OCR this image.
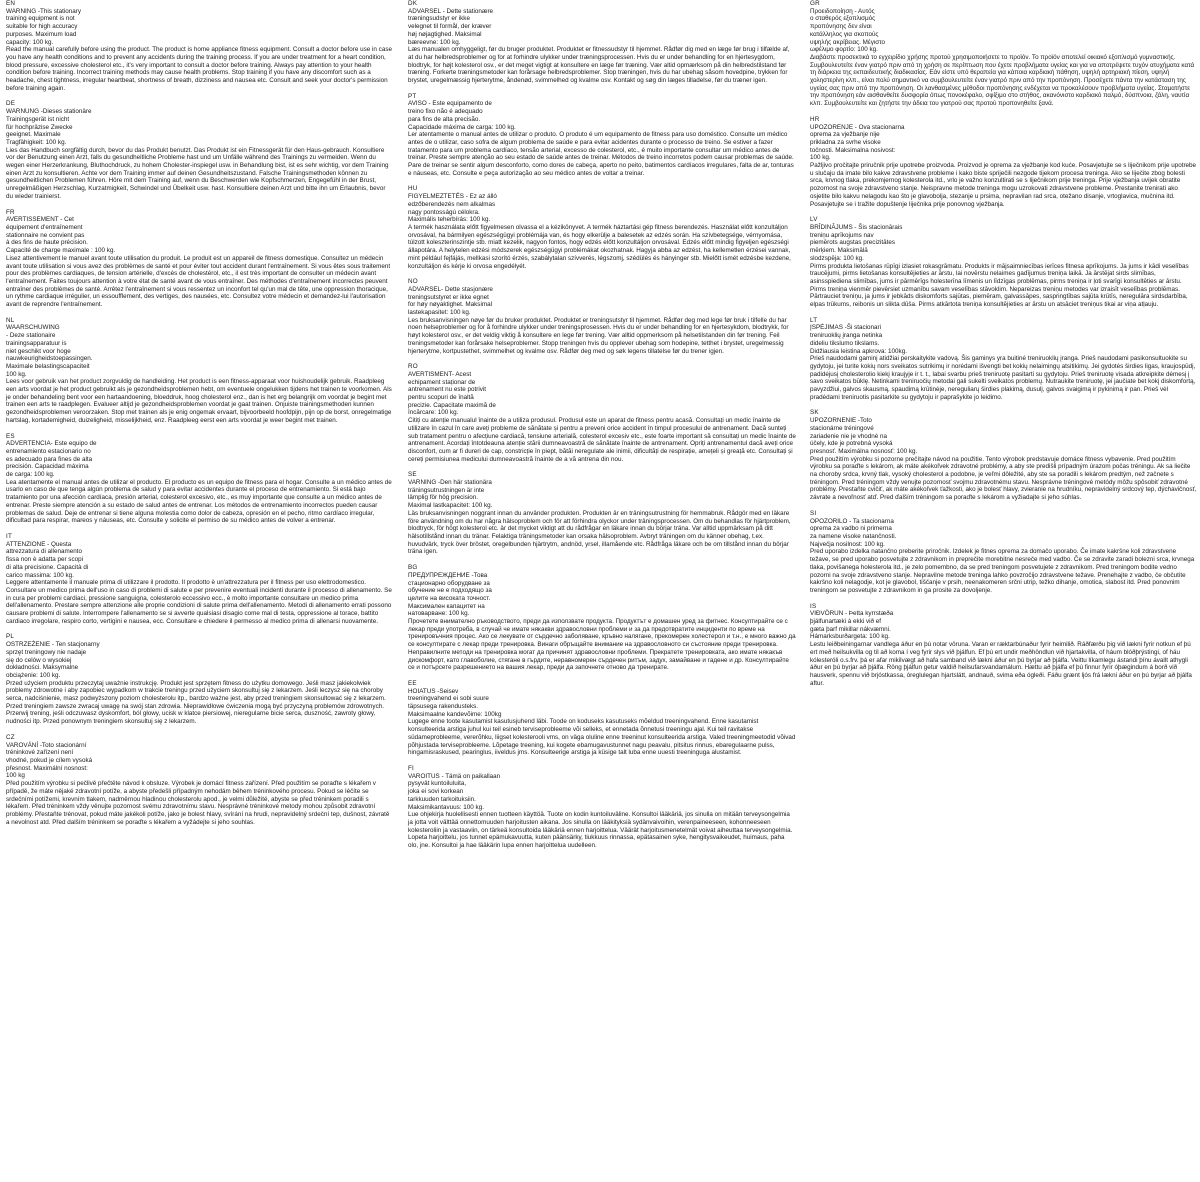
EN
WARNING -This stationary
training equipment is not
suitable for high accuracy
purposes. Maximum load
capacity: 100 kg.
Read the manual carefully before using the product. The product is home appliance fitness equipment. Consult a doctor before use in case you have any health conditions and to prevent any accidents during the training process. If you are under treatment for a heart condition, blood pressure, excessive cholesterol etc., it's very important to consult a doctor before training. Always pay attention to your health condition before training. Incorrect training methods may cause health problems. Stop training if you have any discomfort such as a headache, chest tightness, irregular heartbeat, shortness of breath, dizziness and nausea etc. Consult and seek your doctor's permission before training again.
DE
WARNUNG -Dieses stationäre
Trainingsgerät ist nicht
für hochpräzise Zwecke
geeignet. Maximale
Tragfähigkeit: 100 kg.
Lies das Handbuch sorgfältig durch, bevor du das Produkt benutzt. Das Produkt ist ein Fitnessgerät für den Haus-gebrauch. Konsultiere vor der Benutzung einen Arzt, falls du gesundheitliche Probleme hast und um Unfälle während des Trainings zu vermeiden. Wenn du wegen einer Herzerkrankung, Bluthochdruck, zu hohem Cholester-inspiegel usw. in Behandlung bist, ist es sehr wichtig, vor dem Training einen Arzt zu konsultieren. Achte vor dem Training immer auf deinen Gesundheitszustand. Falsche Trainingsmethoden können zu gesundheitlichen Problemen führen. Höre mit dem Training auf, wenn du Beschwerden wie Kopfschmerzen, Engegefühl in der Brust, unregelmäßigen Herzschlag, Kurzatmigkeit, Schwindel und Übelkeit usw. hast. Konsultiere deinen Arzt und bitte ihn um Erlaubnis, bevor du wieder trainierst.
FR
AVERTISSEMENT - Cet
équipement d'entraînement
stationnaire ne convient pas
à des fins de haute précision.
Capacité de charge maximale : 100 kg.
Lisez attentivement le manuel avant toute utilisation du produit. Le produit est un appareil de fitness domestique. Consultez un médecin avant toute utilisation si vous avez des problèmes de santé et pour éviter tout accident durant l'entraînement. Si vous êtes sous traitement pour des problèmes cardiaques, de tension artérielle, d'excès de cholestérol, etc., il est très important de consulter un médecin avant l'entraînement. Faites toujours attention à votre état de santé avant de vous entraîner. Des méthodes d'entraînement incorrectes peuvent entraîner des problèmes de santé. Arrêtez l'entraînement si vous ressentez un inconfort tel qu'un mal de tête, une oppression thoracique, un rythme cardiaque irrégulier, un essoufflement, des vertiges, des nausées, etc. Consultez votre médecin et demandez-lui l'autorisation avant de reprendre l'entraînement.
NL
WAARSCHUWING
- Deze stationaire
trainingsapparatuur is
niet geschikt voor hoge
nauwkeurigheidstoepassingen.
Maximale belastingscapaciteit
100 kg.
Lees voor gebruik van het product zorgvuldig de handleiding. Het product is een fitness-apparaat voor huishoudelijk gebruik. Raadpleeg een arts voordat je het product gebruikt als je gezondheidsproblemen hebt, om eventuele ongelukken tijdens het trainen te voorkomen. Als je onder behandeling bent voor een hartaandoening, bloeddruk, hoog cholesterol enz., dan is het erg belangrijk om voordat je begint met trainen een arts te raadplegen. Evalueer altijd je gezondheidsproblemen voordat je gaat trainen. Onjuiste trainingsmethoden kunnen gezondheidsproblemen veroorzaken. Stop met trainen als je enig ongemak ervaart, bijvoorbeeld hoofdpijn, pijn op de borst, onregelmatige hartslag, kortademigheid, duizeligheid, misselijkheid, enz. Raadpleeg eerst een arts voordat je weer begint met trainen.
ES
ADVERTENCIA- Este equipo de
entrenamiento estacionario no
es adecuado para fines de alta
precisión. Capacidad máxima
de carga: 100 kg.
Lea atentamente el manual antes de utilizar el producto. El producto es un equipo de fitness para el hogar. Consulte a un médico antes de usarlo en caso de que tenga algún problema de salud y para evitar accidentes durante el proceso de entrenamiento. Si está bajo tratamiento por una afección cardíaca, presión arterial, colesterol excesivo, etc., es muy importante que consulte a un médico antes de entrenar. Preste siempre atención a su estado de salud antes de entrenar. Los métodos de entrenamiento incorrectos pueden causar problemas de salud. Deje de entrenar si tiene alguna molestia como dolor de cabeza, opresión en el pecho, ritmo cardíaco irregular, dificultad para respirar, mareos y náuseas, etc. Consulte y solicite el permiso de su médico antes de volver a entrenar.
IT
ATTENZIONE - Questa
attrezzatura di allenamento
fissa non è adatta per scopi
di alta precisione. Capacità di
carico massima: 100 kg.
Leggere attentamente il manuale prima di utilizzare il prodotto. Il prodotto è un'attrezzatura per il fitness per uso elettrodomestico. Consultare un medico prima dell'uso in caso di problemi di salute e per prevenire eventuali incidenti durante il processo di allenamento. Se in cura per problemi cardiaci, pressione sanguigna, colesterolo eccessivo ecc., è molto importante consultare un medico prima dell'allenamento. Prestare sempre attenzione alle proprie condizioni di salute prima dell'allenamento. Metodi di allenamento errati possono causare problemi di salute. Interrompere l'allenamento se si avverte qualsiasi disagio come mal di testa, oppressione al torace, battito cardiaco irregolare, respiro corto, vertigini e nausea, ecc. Consultare e chiedere il permesso al medico prima di allenarsi nuovamente.
PL
OSTRZEŻENIE - Ten stacjonarny
sprzęt treningowy nie nadaje
się do celów o wysokiej
dokładności. Maksymalne
obciążenie: 100 kg.
Przed użyciem produktu przeczytaj uważnie instrukcję. Produkt jest sprzętem fitness do użytku domowego. Jeśli masz jakiekolwiek problemy zdrowotne i aby zapobiec wypadkom w trakcie treningu przed użyciem skonsultuj się z lekarzem. Jeśli leczysz się na choroby serca, nadciśnienie, masz podwyższony poziom cholesterolu itp., bardzo ważne jest, aby przed treningiem skonsultować się z lekarzem. Przed treningiem zawsze zwracaj uwagę na swój stan zdrowia. Nieprawidłowe ćwiczenia mogą być przyczyną problemów zdrowotnych. Przerwij trening, jeśli odczuwasz dyskomfort, ból głowy, ucisk w klatce piersiowej, nieregularne bicie serca, duszność, zawroty głowy, nudności itp. Przed ponownym treningiem skonsultuj się z lekarzem.
CZ
VAROVÁNÍ -Toto stacionární
tréninkové zařízení není
vhodné, pokud je cílem vysoká
přesnost. Maximální nosnost:
100 kg
Před použitím výrobku si pečlivě přečtěte návod k obsluze. Výrobek je domácí fitness zařízení. Před použitím se poraďte s lékařem v případě, že máte nějaké zdravotní potíže, a abyste předešli případným nehodám během tréninkového procesu. Pokud se léčíte se srdečními potížemi, krevním tlakem, nadměrnou hladinou cholesterolu apod., je velmi důležité, abyste se před tréninkem poradili s lékařem. Před tréninkem vždy věnujte pozornost svému zdravotnímu stavu. Nesprávné tréninkové metody mohou způsobit zdravotní problémy. Přestaňte trénovat, pokud máte jakékoli potíže, jako je bolest hlavy, svírání na hrudi, nepravidelný srdeční tep, dušnost, závratě a nevolnost atd. Před dalším tréninkem se poraďte s lékařem a vyžádejte si jeho souhlas.
DK
ADVARSEL - Dette stationære
træningsudstyr er ikke
velegnet til formål, der kræver
høj nøjagtighed. Maksimal
bæreevne: 100 kg.
Læs manualen omhyggeligt, før du bruger produktet. Produktet er fitnessudstyr til hjemmet. Rådfør dig med en læge før brug i tilfælde af, at du har helbredsproblemer og for at forhindre ulykker under træningsprocessen. Hvis du er under behandling for en hjertesygdom, blodtryk, for højt kolesterol osv., er det meget vigtigt at konsultere en læge før træning. Vær altid opmærksom på din helbredstilstand før træning. Forkerte træningsmetoder kan forårsage helbredsproblemer. Stop træningen, hvis du har ubehag såsom hovedpine, trykken for brystet, uregelmæssig hjerterytme, åndenød, svimmelhed og kvalme osv. Kontakt og søg din læges tilladelse, før du træner igen.
PT
AVISO - Este equipamento de
treino fixo não é adequado
para fins de alta precisão.
Capacidade máxima de carga: 100 kg.
Ler atentamente o manual antes de utilizar o produto. O produto é um equipamento de fitness para uso doméstico. Consulte um médico antes de o utilizar, caso sofra de algum problema de saúde e para evitar acidentes durante o processo de treino. Se estiver a fazer tratamento para um problema cardíaco, tensão arterial, excesso de colesterol, etc., é muito importante consultar um médico antes de treinar. Preste sempre atenção ao seu estado de saúde antes de treinar. Métodos de treino incorretos podem causar problemas de saúde. Pare de treinar se sentir algum desconforto, como dores de cabeça, aperto no peito, batimentos cardíacos irregulares, falta de ar, tonturas e náuseas, etc. Consulte e peça autorização ao seu médico antes de voltar a treinar.
HU
FIGYELMEZTETÉS - Ez az álló
edzőberendezés nem alkalmas
nagy pontosságú célokra.
Maximális teherbírás: 100 kg.
A termék használata előtt figyelmesen olvassa el a kézikönyvet. A termék háztartási gép fitness berendezés. Használat előtt konzultáljon orvosával, ha bármilyen egészségügyi problémája van, és hogy elkerülje a balesetek az edzés során. Ha szívbetegsége, vérnyomása, túlzott koleszterinszintje stb. miatt kezelik, nagyon fontos, hogy edzés előtt konzultáljon orvosával. Edzés előtt mindig figyeljen egészségi állapotára. A helytelen edzési módszerek egészségügyi problémákat okozhatnak. Hagyja abba az edzést, ha kellemetlen érzései vannak, mint például fejfájás, mellkasi szorító érzés, szabálytalan szívverés, légszomj, szédülés és hányinger stb. Mielőtt ismét edzésbe kezdene, konzultáljon és kérje ki orvosa engedélyét.
NO
ADVARSEL- Dette stasjonære
treningsutstyret er ikke egnet
for høy nøyaktighet. Maksimal
lastekapasitet: 100 kg.
Les bruksanvisningen nøye før du bruker produktet. Produktet er treningsutstyr til hjemmet. Rådfør deg med lege før bruk i tilfelle du har noen helseproblemer og for å forhindre ulykker under treningsprosessen. Hvis du er under behandling for en hjertesykdom, blodtrykk, for høyt kolesterol osv., er det veldig viktig å konsultere en lege før trening. Vær alltid oppmerksom på helsetilstanden din før trening. Feil treningsmetoder kan forårsake helseproblemer. Stopp treningen hvis du opplever ubehag som hodepine, tetthet i brystet, uregelmessig hjerterytme, kortpustethet, svimmelhet og kvalme osv. Rådfør deg med og søk legens tillatelse før du trener igjen.
RO
AVERTISMENT- Acest
echipament staționar de
antrenament nu este potrivit
pentru scopuri de înaltă
precizie. Capacitate maximă de
încărcare: 100 kg.
Citiți cu atenție manualul înainte de a utiliza produsul. Produsul este un aparat de fitness pentru acasă. Consultați un medic înainte de utilizare în cazul în care aveți probleme de sănătate și pentru a preveni orice accident în timpul procesului de antrenament. Dacă sunteți sub tratament pentru o afecțiune cardiacă, tensiune arterială, colesterol excesiv etc., este foarte important să consultați un medic înainte de antrenament. Acordați întotdeauna atenție stării dumneavoastră de sănătate înainte de antrenament. Opriți antrenamentul dacă aveți orice disconfort, cum ar fi dureri de cap, constricție în piept, bătăi neregulate ale inimii, dificultăți de respirație, amețeli și greață etc. Consultați și cereți permisiunea medicului dumneavoastră înainte de a vă antrena din nou.
SE
VARNING -Den här stationära
träningsutrustningen är inte
lämplig för hög precision.
Maximal lastkapacitet: 100 kg.
Läs bruksanvisningen noggrant innan du använder produkten. Produkten är en träningsutrustning för hemmabruk. Rådgör med en läkare före användning om du har några hälsoproblem och för att förhindra olyckor under träningsprocessen. Om du behandlas för hjärtproblem, blodtryck, för högt kolesterol etc. är det mycket viktigt att du rådfrågar en läkare innan du börjar träna. Var alltid uppmärksam på ditt hälsotillstånd innan du tränar. Felaktiga träningsmetoder kan orsaka hälsoproblem. Avbryt träningen om du känner obehag, t.ex. huvudvärk, tryck över bröstet, oregelbunden hjärtrytm, andnöd, yrsel, illamående etc. Rådfråga läkare och be om tillstånd innan du börjar träna igen.
BG
ПРЕДУПРЕЖДЕНИЕ -Това
стационарно оборудване за
обучение не е подходящо за
целите на високата точност.
Максимален капацитет на
натоварване: 100 kg.
Прочетете внимателно ръководството, преди да използвате продукта. Продуктът е домашен уред за фитнес. Консултирайте се с лекар преди употреба, в случай че имате някакви здравословни проблеми и за да предотвратите инциденти по време на тренировъчния процес. Ако се лекувате от сърдечно заболяване, кръвно налягане, прекомерен холестерол и т.н., е много важно да се консултирате с лекар преди тренировка. Винаги обръщайте внимание на здравословното си състояние преди тренировка. Неправилните методи на тренировка могат да причинят здравословни проблеми. Прекратете тренировката, ако имате някакъв дискомфорт, като главоболие, стягане в гърдите, неравномерен сърдечен ритъм, задух, замайване и гадене и др. Консултирайте се и потърсете разрешението на вашия лекар, преди да започнете отново да тренирате.
EE
HOIATUS -Seisev
treeningvahend ei sobi suure
täpsusega rakendusteks.
Maksimaalne kandevõime: 100kg
Lugege enne toote kasutamist kasutusjuhend läbi. Toode on koduseks kasutuseks mõeldud treeningvahend. Enne kasutamist konsulteerida arstiga juhul kui teil esineb terviseprobleeme või selleks, et ennetada õnnetusi treeningu ajal. Kui teil ravitakse südameprobleeme, vererõhku, liigset kolesterooli vms, on väga oluline enne treeninut konsulteerida arstiga. Valed treeningmeetodid võivad põhjustada terviseprobleeme. Lõpetage treening, kui kogete ebamugavustunnet nagu peavalu, pitsitus rinnus, ebaregulaarne pulss, hingamisraskused, pearinglus, iiveldus jms. Konsulteerige arstiga ja küsige talt luba enne uuesti treeninguga alustamist.
FI
VAROITUS - Tämä on paikallaan
pysyvät kuntoiluluita,
joka ei sovi korkean
tarkkuuden tarkoituksiin.
Maksimikantavuus: 100 kg.
Lue ohjekirja huolellisesti ennen tuotteen käyttöä. Tuote on kodin kuntoiluväline. Konsultoi lääkäriä, jos sinulla on mitään terveysongelmia ja jotta voit välttää onnettomuuden harjoitusten aikana. Jos sinulla on lääkityksiä sydänvaivoihin, verenpaineeseen, kohonneeseen kolesteroliin ja vastaaviin, on tärkeä konsultoida lääkäriä ennen harjoittelua. Väärät harjoitusmenetelmät voivat aiheuttaa terveysongelmia. Lopeta harjoittelu, jos tunnet epämukavuutta, kuten päänsärky, tiukkuus rinnassa, epätasainen syke, hengitysvaikeudet, huimaus, paha olo, jne. Konsultoi ja hae lääkärin lupa ennen harjoittelua uudelleen.
GR
Προειδοποίηση - Αυτός
ο σταθερός εξοπλισμός
προπόνησης δεν είναι
κατάλληλος για σκοπούς
υψηλής ακρίβειας. Μέγιστο
ωφέλιμο φορτίο: 100 kg.
Διαβάστε προσεκτικά το εγχειρίδιο χρήσης προτού χρησιμοποιήσετε το προϊόν. Το προϊόν αποτελεί οικιακό εξοπλισμό γυμναστικής. Συμβουλευτείτε έναν γιατρό πριν από τη χρήση σε περίπτωση που έχετε προβλήματα υγείας και για να αποτρέψετε τυχόν ατυχήματα κατά τη διάρκεια της εκπαιδευτικής διαδικασίας. Εάν είστε υπό θεραπεία για κάποια καρδιακή πάθηση, υψηλή αρτηριακή πίεση, υψηλή χοληστερίνη κλπ., είναι πολύ σημαντικό να συμβουλευτείτε έναν γιατρό πριν από την προπόνηση. Προσέχετε πάντα την κατάσταση της υγείας σας πριν από την προπόνηση. Οι λανθασμένες μέθοδοι προπόνησης ενδέχεται να προκαλέσουν προβλήματα υγείας. Σταματήστε την προπόνηση εάν αισθανθείτε δυσφορία όπως πονοκέφαλο, σφίξιμο στο στήθος, ακανόνιστο καρδιακό παλμό, δύσπνοια, ζάλη, ναυτία κλπ. Συμβουλευτείτε και ζητήστε την άδεια του γιατρού σας προτού προπονηθείτε ξανά.
HR
UPOZORENJE - Ova stacionarna
oprema za vježbanje nije
prikladna za svrhe visoke
točnosti. Maksimalna nosivost:
100 kg.
Pažljivo pročitajte priručnik prije upotrebe proizvoda. Proizvod je oprema za vježbanje kod kuće. Posavjetujte se s liječnikom prije upotrebe u slučaju da imate bilo kakve zdravstvene probleme i kako biste spriječili nezgode tijekom procesa treninga. Ako se liječite zbog bolesti srca, krvnog tlaka, prekomjernog kolesterola itd., vrlo je važno konzultirati se s liječnikom prije treninga. Prije vježbanja uvijek obratite pozornost na svoje zdravstveno stanje. Neispravne metode treninga mogu uzrokovati zdravstvene probleme. Prestanite trenirati ako osjetite bilo kakvu nelagodu kao što je glavobolja, stezanje u prsima, nepravilan rad srca, otežano disanje, vrtoglavica, mučnina itd. Posavjetujte se i tražite dopuštenje liječnika prije ponovnog vježbanja.
LV
BRĪDINĀJUMS - Šis stacionārais
treniņu aprīkojums nav
piemērots augstas precizitātes
mērķiem. Maksimālā
slodzspēja: 100 kg.
Pirms produkta lietošanas rūpīgi izlasiet rokasgrāmatu. Produkts ir mājsaimniecības ierīces fitnesa aprīkojums. Ja jums ir kādi veselības traucējumi, pirms lietošanas konsultējieties ar ārstu, lai novērstu nelaimes gadījumus treniņa laikā. Ja ārstējat sirds slimības, asinsspiediena slimības, jums ir pārmērīgs holesterīna līmenis un līdzīgas problēmas, pirms treniņa ir ļoti svarīgi konsultēties ar ārstu. Pirms treniņa vienmēr pievērsiet uzmanību savam veselības stāvoklim. Nepareizas treniņu metodes var izraisīt veselības problēmas. Pārtrauciet treniņu, ja jums ir jebkāds diskomforts sajūtas, piemēram, galvassāpes, saspringtības sajūta krūtīs, neregulāra sirdsdarbība, elpas trūkums, reibonis un slikta dūša. Pirms atkārtota treniņa konsultējieties ar ārstu un atsāciet treniņus tikai ar viņa atļauju.
LT
ĮSPĖJIMAS -Ši stacionari
treniruoklių įranga netinka
dideliu tikslumo tikslams.
Didžiausia leistina apkrova: 100kg.
Prieš naudodami gaminį atidžiai perskaitykite vadovą. Šis gaminys yra buitinė treniruoklių įranga. Prieš naudodami pasikonsultuokite su gydytoju, jei turite kokių nors sveikatos sutrikimų ir norėdami išvengti bet kokių nelaimingų atsitikimų. Jei gydotės širdies ligas, kraujospūdį, padidėjusį cholesterolio kiekį kraujyje ir t. t., labai svarbu prieš treniruotę pasitarti su gydytoju. Prieš treniruotę visada atkreipkite dėmesį į savo sveikatos būklę. Netinkami treniruočių metodai gali sukelti sveikatos problemų. Nutraukite treniruotę, jei jaučiate bet kokį diskomfortą, pavyzdžiui, galvos skausmą, spaudimą krūtinėje, nereguliarų širdies plakimą, dusulį, galvos svaigimą ir pykinimą ir pan. Prieš vėl pradėdami treniruotis pasitarkite su gydytoju ir paprašykite jo leidimo.
SK
UPOZORNENIE -Toto
stacionárne tréningové
zariadenie nie je vhodné na
účely, kde je potrebná vysoká
presnosť. Maximálna nosnosť: 100 kg.
Pred použitím výrobku si pozorne prečítajte návod na použitie. Tento výrobok predstavuje domáce fitness vybavenie. Pred použitím výrobku sa poraďte s lekárom, ak máte akékoľvek zdravotné problémy, a aby ste predišli prípadným úrazom počas tréningu. Ak sa liečite na choroby srdca, krvný tlak, vysoký cholesterol a podobne, je veľmi dôležité, aby ste sa poradili s lekárom predtým, než začnete s tréningom. Pred tréningom vždy venujte pozornosť svojmu zdravotnému stavu. Nesprávne tréningové metódy môžu spôsobiť zdravotné problémy. Prestaňte cvičiť, ak máte akékoľvek ťažkosti, ako je bolesť hlavy, zvieranie na hrudníku, nepravidelný srdcový tep, dýchavičnosť, závrate a nevoľnosť atď. Pred ďalším tréningom sa poraďte s lekárom a vyžiadajte si jeho súhlas.
SI
OPOZORILO - Ta stacionarna
oprema za vadbo ni primerna
za namene visoke natančnosti.
Največja nosilnost: 100 kg.
Pred uporabo izdelka natančno preberite priročnik. Izdelek je fitnes oprema za domačo uporabo. Če imate kakršne koli zdravstvene težave, se pred uporabo posvetujte z zdravnikom in preprečite morebitne nesreče med vadbo. Če se zdravite zaradi bolezni srca, krvnega tlaka, povišanega holesterola itd., je zelo pomembno, da se pred treningom posvetujete z zdravnikom. Pred treningom bodite vedno pozorni na svoje zdravstveno stanje. Nepravilne metode treninga lahko povzročijo zdravstvene težave. Prenehajte z vadbo, če občutite kakršno koli nelagodje, kot je glavobol, tiščanje v prsih, neenakomeren srčni utrip, težko dihanje, omotica, slabost itd. Pred ponovnim treningom se posvetujte z zdravnikom in ga prosite za dovoljenje.
IS
VIÐVÖRUN - Þetta kyrrstæða
þjálfunartæki á ekki við ef
gæta þarf mikillar nákvæmni.
Hámarksburðargeta: 100 kg.
Lestu leiðbeiningarnar vandlega áður en þú notar vöruna. Varan er ræktarbúnaður fyrir heimilið. Ráðfærðu þig við lækni fyrir notkun ef þú ert með heilsukvilla og til að koma í veg fyrir slys við þjálfun. Ef þú ert undir meðhöndlun við hjartakvilla, of háum blóðþrýstingi, of háu kólesteróli o.s.frv. þá er afar mikilvægt að hafa samband við lækni áður en þú byrjar að þjálfa. Veittu líkamlegu ástandi þínu ávallt athygli áður en þú byrjar að þjálfa. Röng þjálfun getur valdið heilsufarsvandamálum. Hættu að þjálfa ef þú finnur fyrir óþægindum á borð við hausverk, spennu við brjóstkassa, óreglulegan hjartslátt, andnauð, svima eða ógleði. Fáðu grænt ljós frá lækni áður en þú byrjar að þjálfa aftur.
